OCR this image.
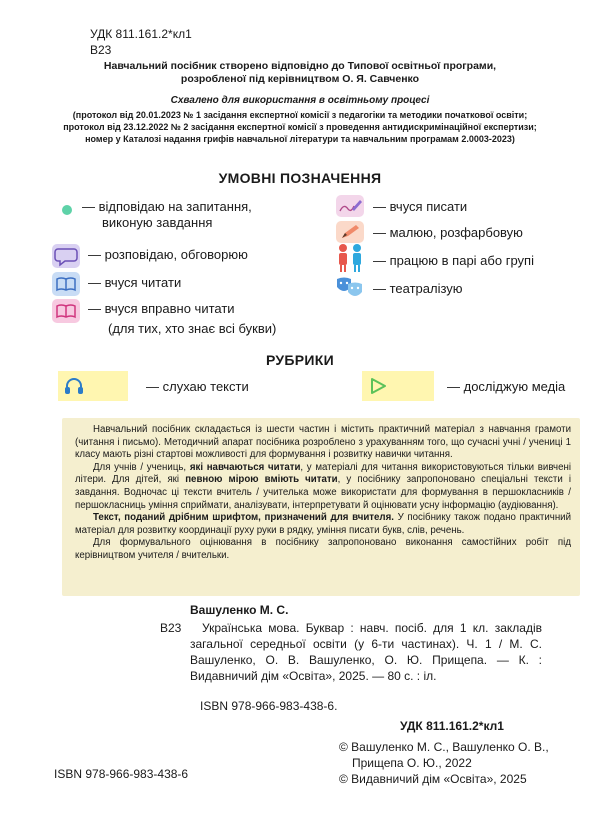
УДК 811.161.2*кл1
В23
Навчальний посібник створено відповідно до Типової освітньої програми,
розробленої під керівництвом О. Я. Савченко
Схвалено для використання в освітньому процесі
(протокол від 20.01.2023 № 1 засідання експертної комісії з педагогіки та методики початкової освіти;
протокол від 23.12.2022 № 2 засідання експертної комісії з проведення антидискримінаційної експертизи;
номер у Каталозі надання грифів навчальної літератури та навчальним програмам 2.0003-2023)
УМОВНІ ПОЗНАЧЕННЯ
— відповідаю на запитання,
виконую завдання
— розповідаю, обговорюю
— вчуся читати
— вчуся вправно читати
(для тих, хто знає всі букви)
— вчуся писати
— малюю, розфарбовую
— працюю в парі або групі
— театралізую
РУБРИКИ
— слухаю тексти	— досліджую медіа

Навчальний посібник складається із шести частин і містить практичний матеріал з навчання грамоти (читання і письмо). Методичний апарат посібника розроблено з урахуванням того, що сучасні учні / учениці 1 класу мають різні стартові можливості для формування і розвитку навички читання.

Для учнів / учениць, які навчаються читати, у матеріалі для читання використовуються тільки вивчені літери. Для дітей, які певною мірою вміють читати, у посібнику запропоновано спеціальні тексти і завдання. Водночас ці тексти вчитель / учителька може використати для формування в першокласників / першокласниць уміння сприймати, аналізувати, інтерпретувати й оцінювати усну інформацію (аудіювання).

Текст, поданий дрібним шрифтом, призначений для вчителя. У посібнику також подано практичний матеріал для розвитку координації руху руки в рядку, уміння писати букв, слів, речень.

Для формувального оцінювання в посібнику запропоновано виконання самостійних робіт під керівництвом учителя / вчительки.

Вашуленко М. С.
В23	Українська мова. Буквар : навч. посіб. для 1 кл. закладів загальної середньої освіти (у 6-ти частинах). Ч. 1 / М. С. Вашуленко, О. В. Вашуленко, О. Ю. Прищепа. — К. : Видавничий дім «Освіта», 2025. — 80 с. : іл.
ISBN 978-966-983-438-6.
УДК 811.161.2*кл1
ISBN 978-966-983-438-6
© Вашуленко М. С., Вашуленко О. В.,
Прищепа О. Ю., 2022
© Видавничий дім «Освіта», 2025
